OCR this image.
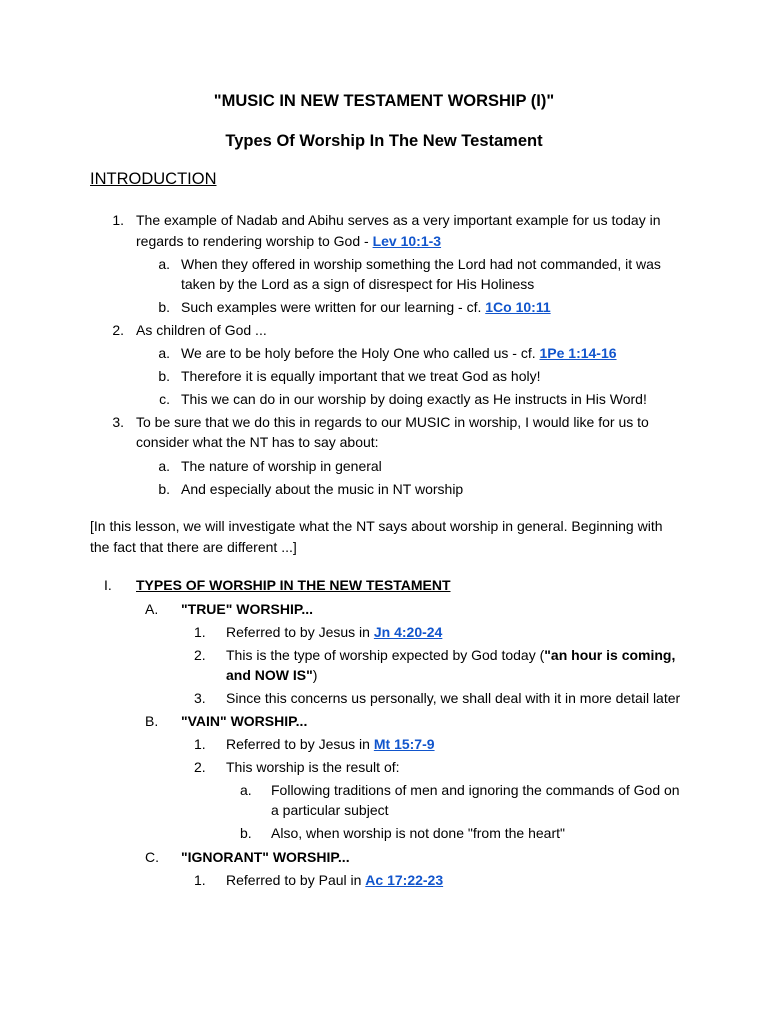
"MUSIC IN NEW TESTAMENT WORSHIP (I)"
Types Of Worship In The New Testament
INTRODUCTION
1. The example of Nadab and Abihu serves as a very important example for us today in
regards to rendering worship to God - Lev 10:1-3
a. When they offered in worship something the Lord had not commanded, it was
taken by the Lord as a sign of disrespect for His Holiness
b. Such examples were written for our learning - cf. 1Co 10:11
2. As children of God ...
a. We are to be holy before the Holy One who called us - cf. 1Pe 1:14-16
b. Therefore it is equally important that we treat God as holy!
c. This we can do in our worship by doing exactly as He instructs in His Word!
3. To be sure that we do this in regards to our MUSIC in worship, I would like for us to
consider what the NT has to say about:
a. The nature of worship in general
b. And especially about the music in NT worship
[In this lesson, we will investigate what the NT says about worship in general. Beginning with
the fact that there are different ...]
I. TYPES OF WORSHIP IN THE NEW TESTAMENT
A. "TRUE" WORSHIP...
1. Referred to by Jesus in Jn 4:20-24
2. This is the type of worship expected by God today ("an hour is coming,
and NOW IS")
3. Since this concerns us personally, we shall deal with it in more detail later
B. "VAIN" WORSHIP...
1. Referred to by Jesus in Mt 15:7-9
2. This worship is the result of:
a. Following traditions of men and ignoring the commands of God on
a particular subject
b. Also, when worship is not done "from the heart"
C. "IGNORANT" WORSHIP...
1. Referred to by Paul in Ac 17:22-23
